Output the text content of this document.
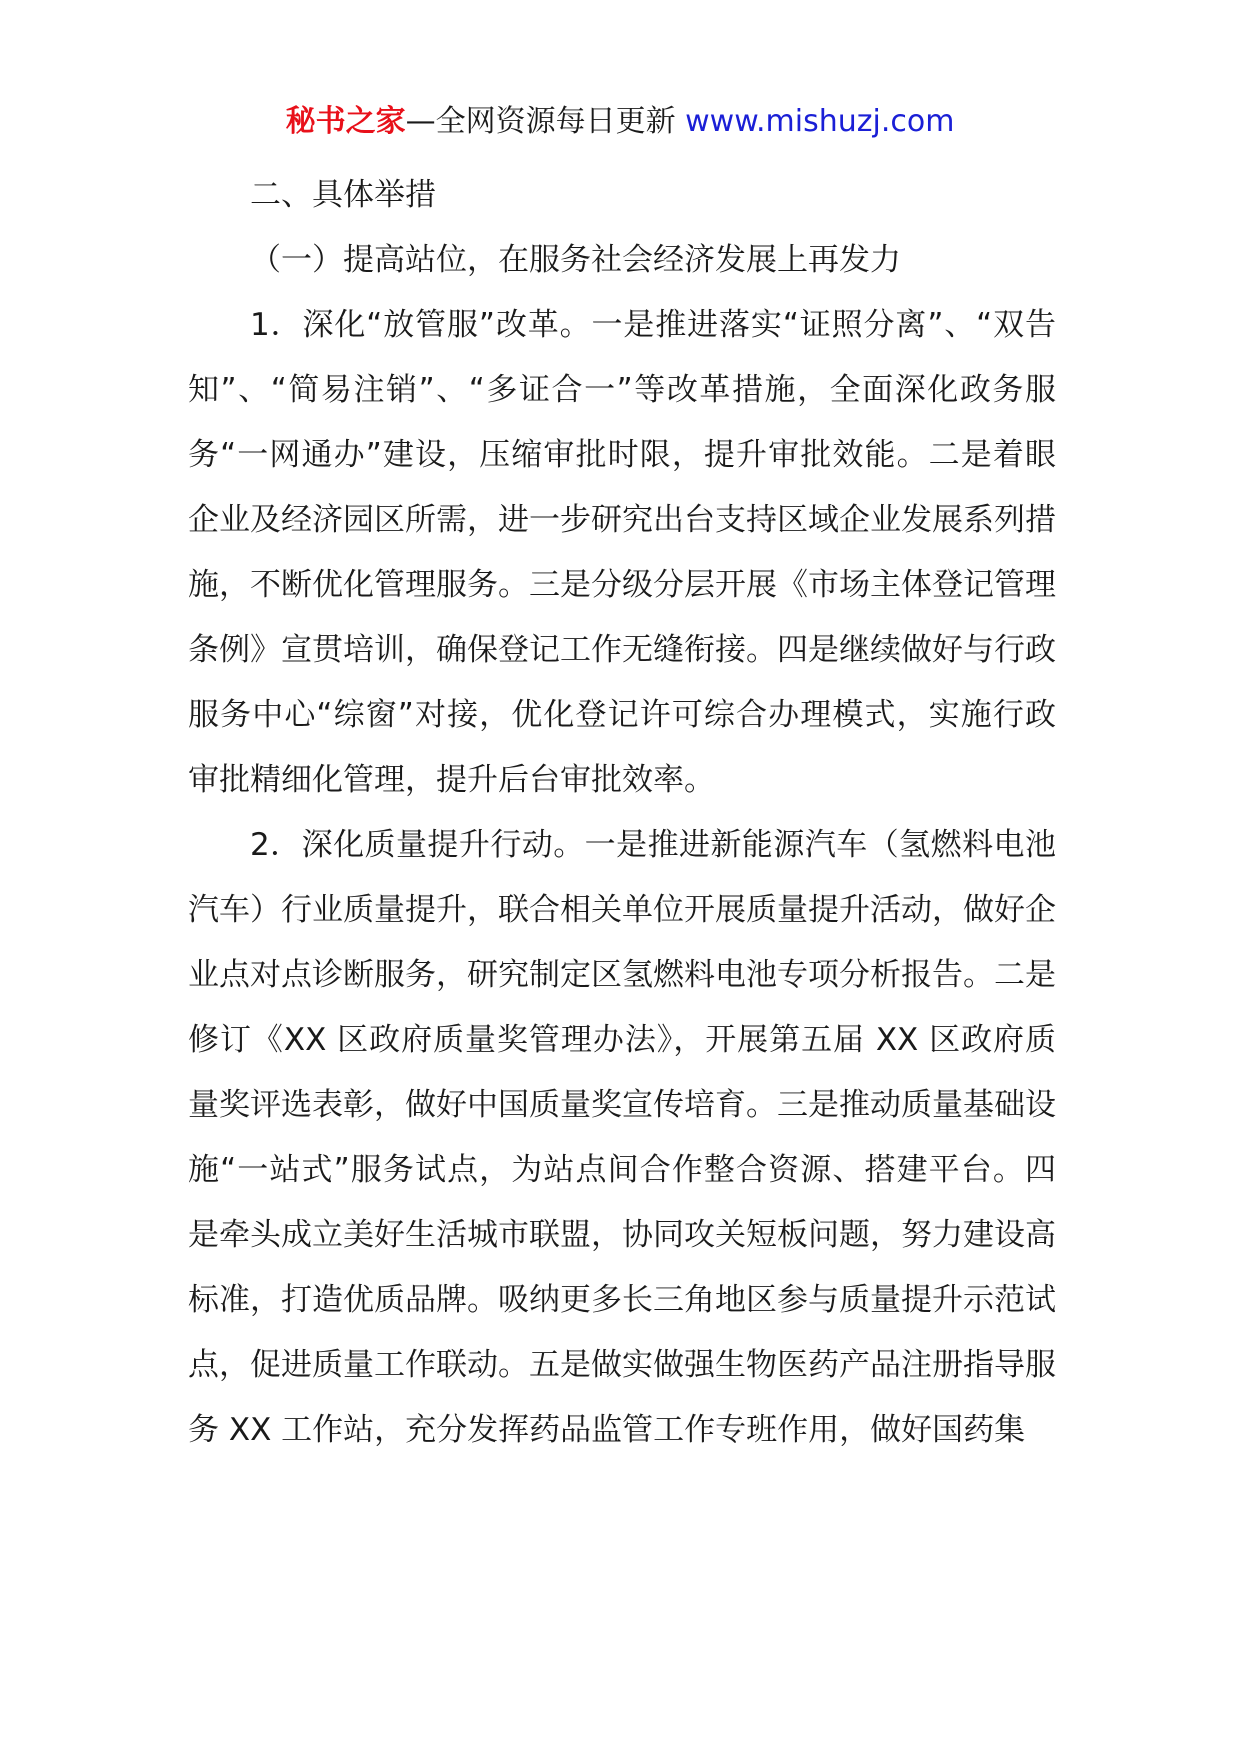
秘书之家—全网资源每日更新 www.mishuzj.com

二、具体举措

（一）提高站位，在服务社会经济发展上再发力

1．深化“放管服”改革。一是推进落实“证照分离”、“双告知”、“简易注销”、“多证合一”等改革措施，全面深化政务服务“一网通办”建设，压缩审批时限，提升审批效能。二是着眼企业及经济园区所需，进一步研究出台支持区域企业发展系列措施，不断优化管理服务。三是分级分层开展《市场主体登记管理条例》宣贯培训，确保登记工作无缝衔接。四是继续做好与行政服务中心“综窗”对接，优化登记许可综合办理模式，实施行政审批精细化管理，提升后台审批效率。

2．深化质量提升行动。一是推进新能源汽车（氢燃料电池汽车）行业质量提升，联合相关单位开展质量提升活动，做好企业点对点诊断服务，研究制定区氢燃料电池专项分析报告。二是修订《XX 区政府质量奖管理办法》，开展第五届 XX 区政府质量奖评选表彰，做好中国质量奖宣传培育。三是推动质量基础设施“一站式”服务试点，为站点间合作整合资源、搭建平台。四是牵头成立美好生活城市联盟，协同攻关短板问题，努力建设高标准，打造优质品牌。吸纳更多长三角地区参与质量提升示范试点，促进质量工作联动。五是做实做强生物医药产品注册指导服务 XX 工作站，充分发挥药品监管工作专班作用，做好国药集
